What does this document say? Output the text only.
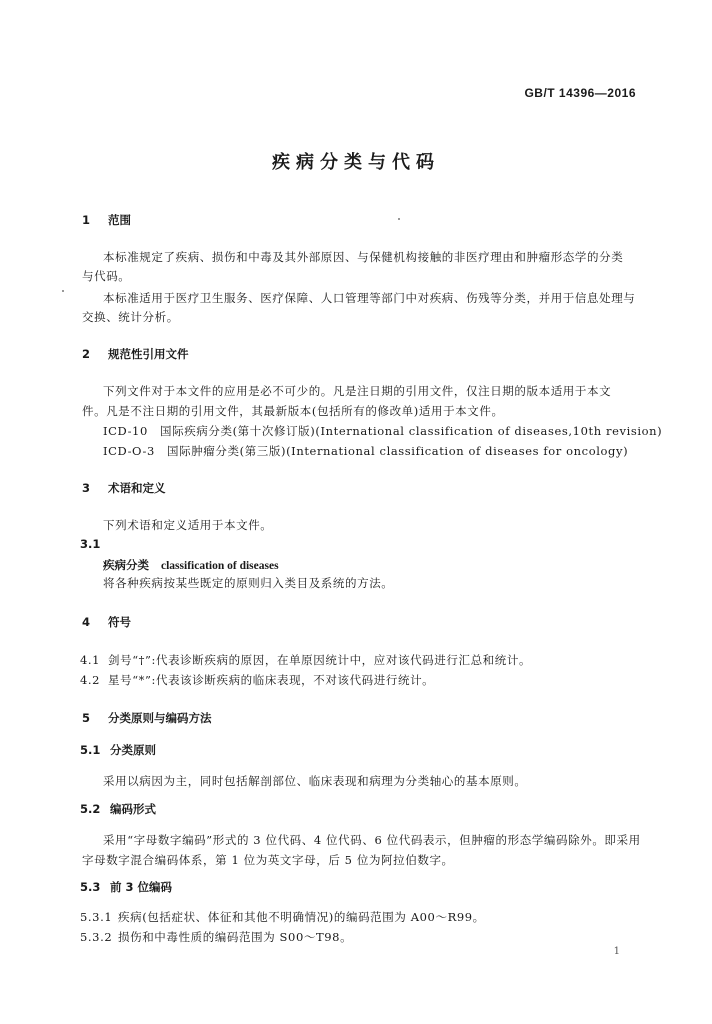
GB/T 14396—2016
疾病分类与代码
1 范围
本标准规定了疾病、损伤和中毒及其外部原因、与保健机构接触的非医疗理由和肿瘤形态学的分类
与代码。
本标准适用于医疗卫生服务、医疗保障、人口管理等部门中对疾病、伤残等分类，并用于信息处理与
交换、统计分析。
2 规范性引用文件
下列文件对于本文件的应用是必不可少的。凡是注日期的引用文件，仅注日期的版本适用于本文
件。凡是不注日期的引用文件，其最新版本(包括所有的修改单)适用于本文件。
ICD-10　国际疾病分类(第十次修订版)(International classification of diseases,10th revision)
ICD-O-3　国际肿瘤分类(第三版)(International classification of diseases for oncology)
3 术语和定义
下列术语和定义适用于本文件。
3.1
疾病分类 classification of diseases
将各种疾病按某些既定的原则归入类目及系统的方法。
4 符号
4.1 剑号“†”:代表诊断疾病的原因，在单原因统计中，应对该代码进行汇总和统计。
4.2 星号“*”:代表该诊断疾病的临床表现，不对该代码进行统计。
5 分类原则与编码方法
5.1 分类原则
采用以病因为主，同时包括解剖部位、临床表现和病理为分类轴心的基本原则。
5.2 编码形式
采用“字母数字编码”形式的 3 位代码、4 位代码、6 位代码表示，但肿瘤的形态学编码除外。即采用
字母数字混合编码体系，第 1 位为英文字母，后 5 位为阿拉伯数字。
5.3 前 3 位编码
5.3.1 疾病(包括症状、体征和其他不明确情况)的编码范围为 A00～R99。
5.3.2 损伤和中毒性质的编码范围为 S00～T98。
1
